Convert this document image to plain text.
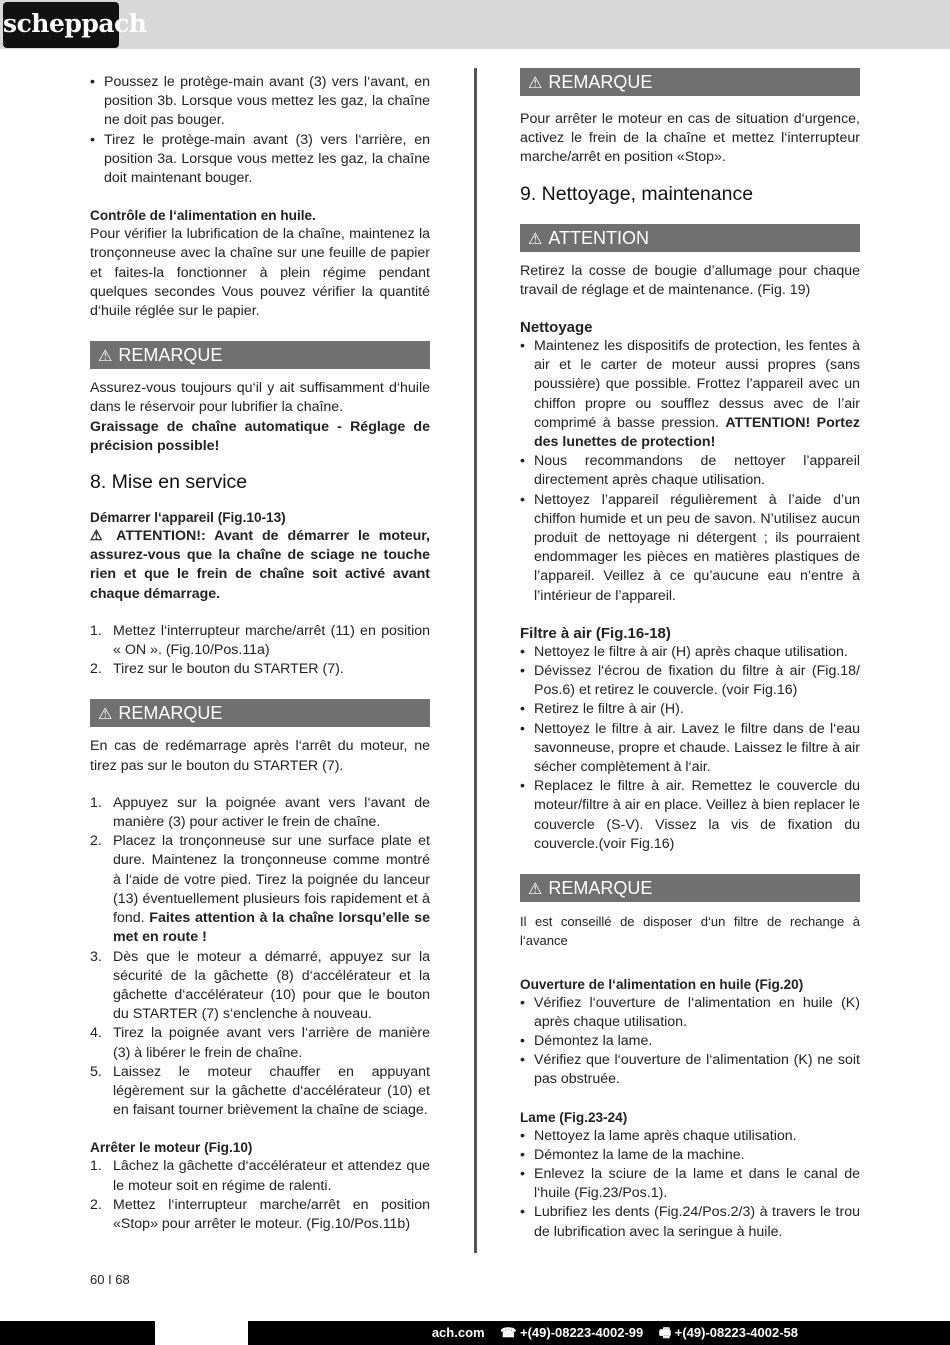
scheppach
• Poussez le protège-main avant (3) vers l‘avant, en position 3b. Lorsque vous mettez les gaz, la chaîne ne doit pas bouger.
• Tirez le protège-main avant (3) vers l‘arrière, en position 3a. Lorsque vous mettez les gaz, la chaîne doit maintenant bouger.

Contrôle de l‘alimentation en huile.

Pour vérifier la lubrification de la chaîne, maintenez la tronçonneuse avec la chaîne sur une feuille de papier et faites-la fonctionner à plein régime pendant quelques secondes Vous pouvez vérifier la quantité d‘huile réglée sur le papier.

⚠ REMARQUE

Assurez-vous toujours qu‘il y ait suffisamment d‘huile dans le réservoir pour lubrifier la chaîne.

Graissage de chaîne automatique - Réglage de précision possible!

8. Mise en service

Démarrer l‘appareil (Fig.10-13)

⚠ ATTENTION!: Avant de démarrer le moteur, assurez-vous que la chaîne de sciage ne touche rien et que le frein de chaîne soit activé avant chaque démarrage.

1. Mettez l‘interrupteur marche/arrêt (11) en position « ON ». (Fig.10/Pos.11a)
2. Tirez sur le bouton du STARTER (7).
⚠ REMARQUE

En cas de redémarrage après l‘arrêt du moteur, ne tirez pas sur le bouton du STARTER (7).

1. Appuyez sur la poignée avant vers l‘avant de manière (3) pour activer le frein de chaîne.
2. Placez la tronçonneuse sur une surface plate et dure. Maintenez la tronçonneuse comme montré à l‘aide de votre pied. Tirez la poignée du lanceur (13) éventuellement plusieurs fois rapidement et à fond. Faites attention à la chaîne lorsqu’elle se met en route !
3. Dès que le moteur a démarré, appuyez sur la sécurité de la gâchette (8) d‘accélérateur et la gâchette d‘accélérateur (10) pour que le bouton du STARTER (7) s‘enclenche à nouveau.
4. Tirez la poignée avant vers l‘arrière de manière (3) à libérer le frein de chaîne.
5. Laissez le moteur chauffer en appuyant légèrement sur la gâchette d‘accélérateur (10) et en faisant tourner brièvement la chaîne de sciage.

Arrêter le moteur (Fig.10)

1. Lâchez la gâchette d‘accélérateur et attendez que le moteur soit en régime de ralenti.
2. Mettez l‘interrupteur marche/arrêt en position «Stop» pour arrêter le moteur. (Fig.10/Pos.11b)
⚠ REMARQUE

Pour arrêter le moteur en cas de situation d‘urgence, activez le frein de la chaîne et mettez l‘interrupteur marche/arrêt en position «Stop».

9. Nettoyage, maintenance

⚠ ATTENTION

Retirez la cosse de bougie d’allumage pour chaque travail de réglage et de maintenance. (Fig. 19)

Nettoyage

• Maintenez les dispositifs de protection, les fentes à air et le carter de moteur aussi propres (sans poussière) que possible. Frottez l’appareil avec un chiffon propre ou soufflez dessus avec de l’air comprimé à basse pression. ATTENTION! Portez des lunettes de protection!
• Nous recommandons de nettoyer l’appareil directement après chaque utilisation.
• Nettoyez l’appareil régulièrement à l’aide d’un chiffon humide et un peu de savon. N’utilisez aucun produit de nettoyage ni détergent ; ils pourraient endommager les pièces en matières plastiques de l’appareil. Veillez à ce qu’aucune eau n’entre à l’intérieur de l’appareil.

Filtre à air (Fig.16-18)

• Nettoyez le filtre à air (H) après chaque utilisation.
• Dévissez l‘écrou de fixation du filtre à air (Fig.18/ Pos.6) et retirez le couvercle. (voir Fig.16)
• Retirez le filtre à air (H).
• Nettoyez le filtre à air. Lavez le filtre dans de l‘eau savonneuse, propre et chaude. Laissez le filtre à air sécher complètement à l‘air.
• Replacez le filtre à air. Remettez le couvercle du moteur/filtre à air en place. Veillez à bien replacer le couvercle (S-V). Vissez la vis de fixation du couvercle.(voir Fig.16)
⚠ REMARQUE

Il est conseillé de disposer d‘un filtre de rechange à l‘avance

Ouverture de l‘alimentation en huile (Fig.20)

• Vérifiez l‘ouverture de l‘alimentation en huile (K) après chaque utilisation.
• Démontez la lame.
• Vérifiez que l‘ouverture de l‘alimentation (K) ne soit pas obstruée.

Lame (Fig.23-24)

• Nettoyez la lame après chaque utilisation.
• Démontez la lame de la machine.
• Enlevez la sciure de la lame et dans le canal de l‘huile (Fig.23/Pos.1).
• Lubrifiez les dents (Fig.24/Pos.2/3) à travers le trou de lubrification avec la seringue à huile.
60 I 68
ach.com ☎ +(49)-08223-4002-99 🖷 +(49)-08223-4002-58
